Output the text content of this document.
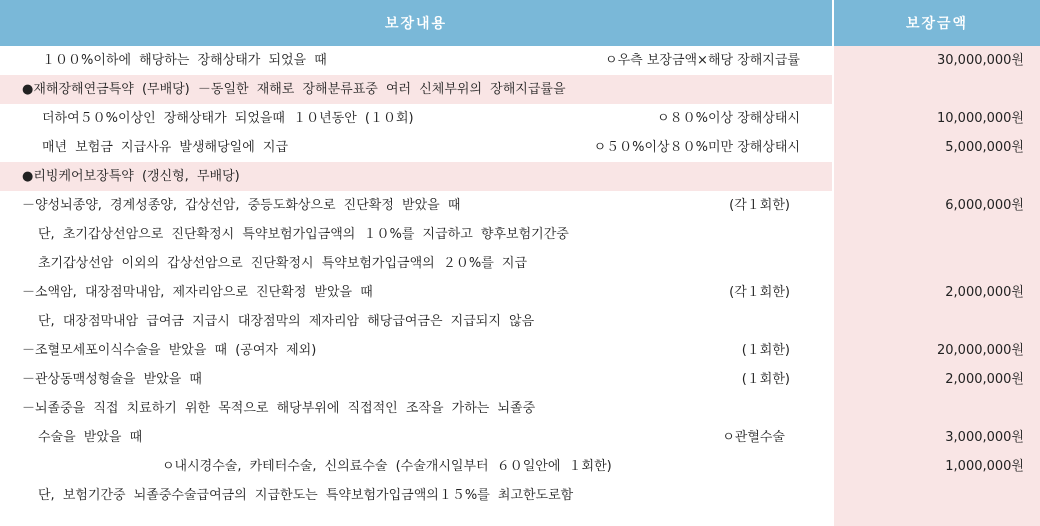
보장내용	보장금액
１００%이하에 해당하는 장해상태가 되었을 때	ㅇ우측 보장금액×해당 장해지급률	30,000,000원
●재해장해연금특약 (무배당) －동일한 재해로 장해분류표중 여러 신체부위의 장해지급률을
더하여５０%이상인 장해상태가 되었을때 １０년동안 (１０회)	ㅇ８０%이상 장해상태시	10,000,000원
매년 보험금 지급사유 발생해당일에 지급	ㅇ５０%이상８０%미만 장해상태시	5,000,000원
●리빙케어보장특약 (갱신형, 무배당)
－양성뇌종양, 경계성종양, 갑상선암, 중등도화상으로 진단확정 받았을 때	(각１회한)	6,000,000원
단, 초기갑상선암으로 진단확정시 특약보험가입금액의 １０%를 지급하고 향후보험기간중
초기갑상선암 이외의 갑상선암으로 진단확정시 특약보험가입금액의 ２０%를 지급
－소액암, 대장점막내암, 제자리암으로 진단확정 받았을 때	(각１회한)	2,000,000원
단, 대장점막내암 급여금 지급시 대장점막의 제자리암 해당급여금은 지급되지 않음
－조혈모세포이식수술을 받았을 때 (공여자 제외)	(１회한)	20,000,000원
－관상동맥성형술을 받았을 때	(１회한)	2,000,000원
－뇌졸중을 직접 치료하기 위한 목적으로 해당부위에 직접적인 조작을 가하는 뇌졸중
수술을 받았을 때	ㅇ관혈수술	3,000,000원
ㅇ내시경수술, 카테터수술, 신의료수술 (수술개시일부터 ６０일안에 １회한)	1,000,000원
단, 보험기간중 뇌졸중수술급여금의 지급한도는 특약보험가입금액의１５%를 최고한도로함
